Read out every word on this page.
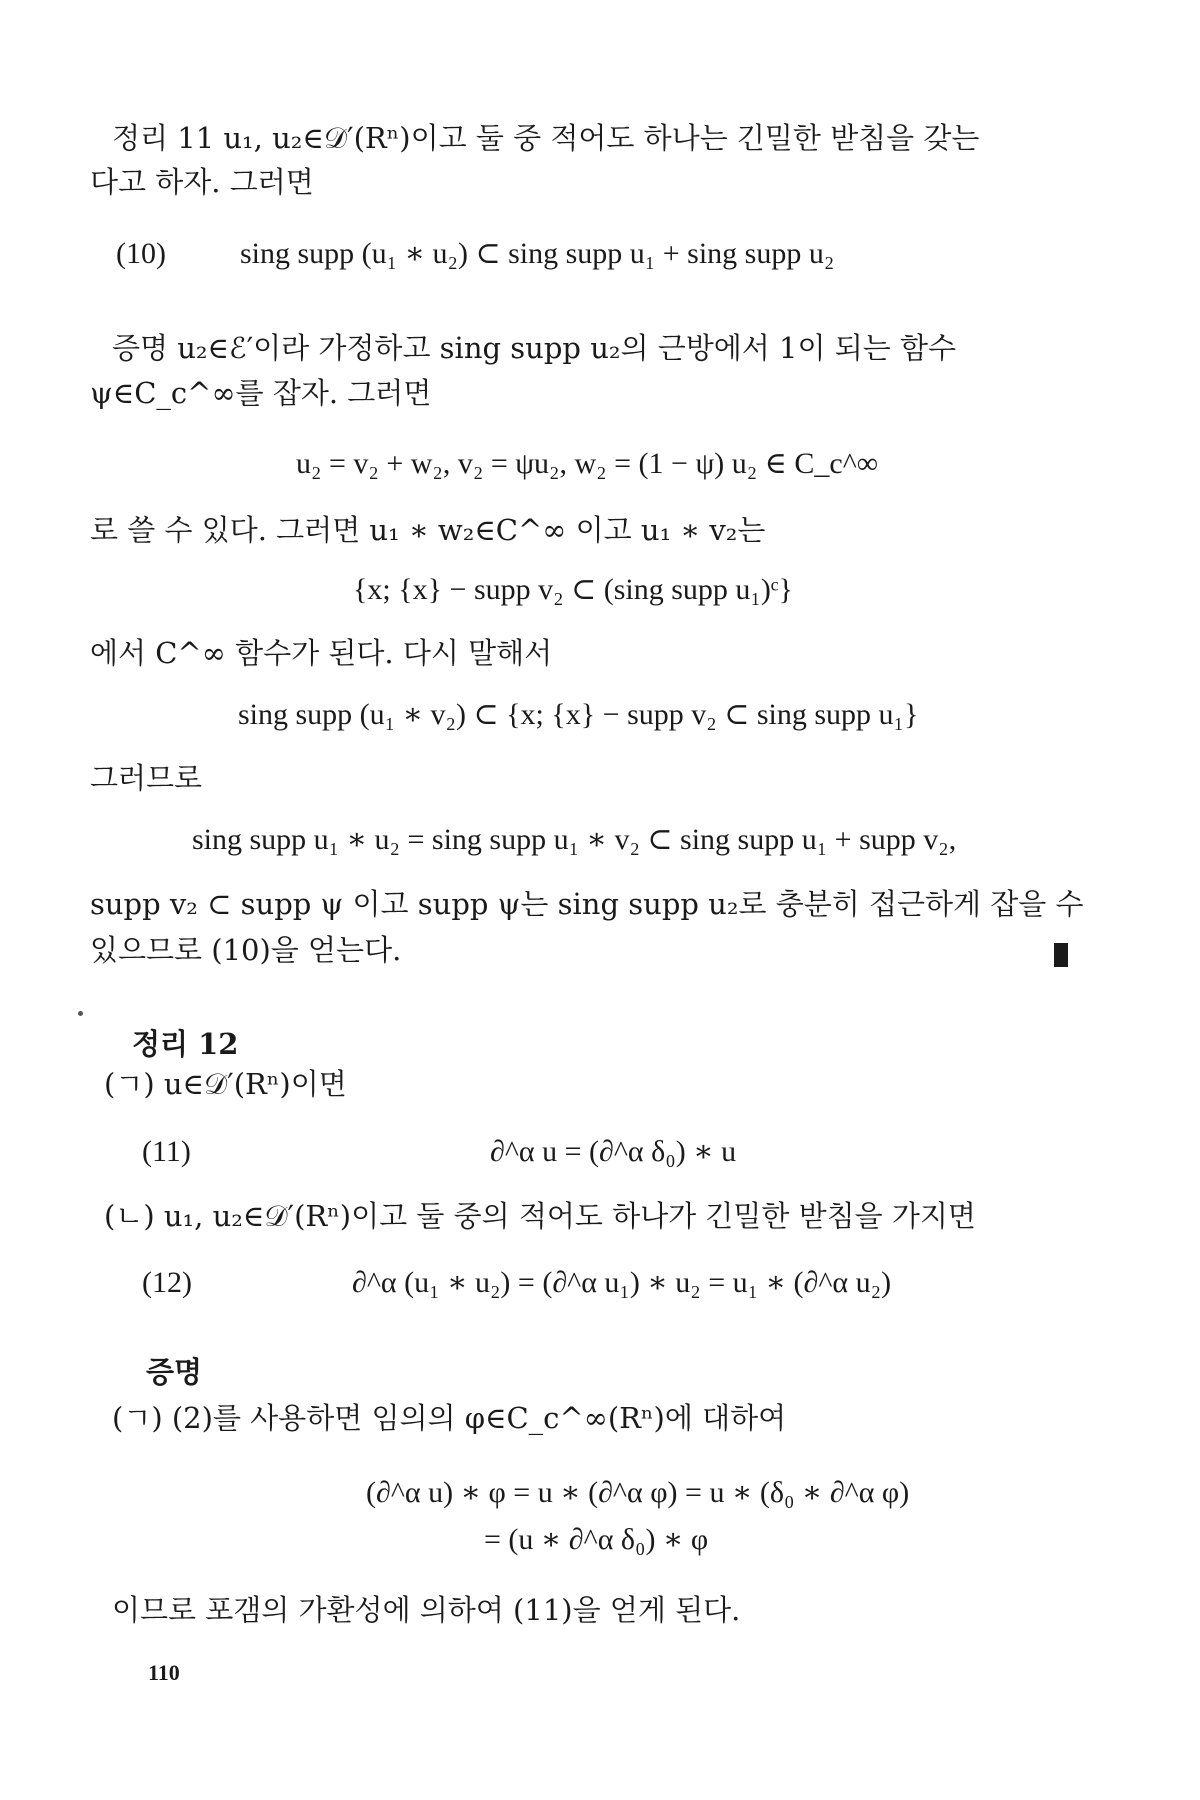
정리 11 u₁, u₂∈𝒟′(Rⁿ)이고 둘 중 적어도 하나는 긴밀한 받침을 갖는
다고 하자. 그러면
(10) sing supp (u₁ ∗ u₂) ⊂ sing supp u₁ + sing supp u₂
증명 u₂∈ℰ′이라 가정하고 sing supp u₂의 근방에서 1이 되는 함수
ψ∈C_c^∞를 잡자. 그러면
u₂ = v₂ + w₂, v₂ = ψu₂, w₂ = (1 − ψ) u₂ ∈ C_c^∞
로 쓸 수 있다. 그러면 u₁ ∗ w₂∈C^∞ 이고 u₁ ∗ v₂는
{x; {x} − supp v₂ ⊂ (sing supp u₁)ᶜ}
에서 C^∞ 함수가 된다. 다시 말해서
sing supp (u₁ ∗ v₂) ⊂ {x; {x} − supp v₂ ⊂ sing supp u₁}
그러므로
sing supp u₁ ∗ u₂ = sing supp u₁ ∗ v₂ ⊂ sing supp u₁ + supp v₂,
supp v₂ ⊂ supp ψ 이고 supp ψ는 sing supp u₂로 충분히 접근하게 잡을 수
있으므로 (10)을 얻는다.
정리 12
(ㄱ) u∈𝒟′(Rⁿ)이면
(11)	∂^α u = (∂^α δ₀) ∗ u
(ㄴ) u₁, u₂∈𝒟′(Rⁿ)이고 둘 중의 적어도 하나가 긴밀한 받침을 가지면
(12)	∂^α (u₁ ∗ u₂) = (∂^α u₁) ∗ u₂ = u₁ ∗ (∂^α u₂)
증명
(ㄱ) (2)를 사용하면 임의의 φ∈C_c^∞(Rⁿ)에 대하여
(∂^α u) ∗ φ = u ∗ (∂^α φ) = u ∗ (δ₀ ∗ ∂^α φ)
= (u ∗ ∂^α δ₀) ∗ φ
이므로 포갬의 가환성에 의하여 (11)을 얻게 된다.
110
